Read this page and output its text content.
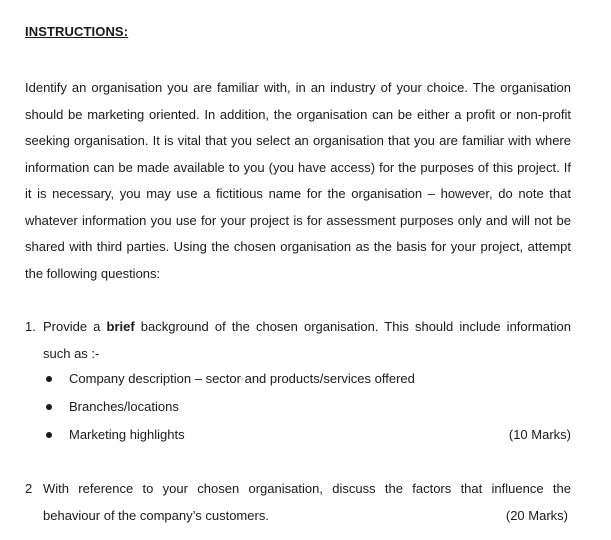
INSTRUCTIONS:

Identify an organisation you are familiar with, in an industry of your choice. The organisation should be marketing oriented. In addition, the organisation can be either a profit or non-profit seeking organisation. It is vital that you select an organisation that you are familiar with where information can be made available to you (you have access) for the purposes of this project. If it is necessary, you may use a fictitious name for the organisation – however, do note that whatever information you use for your project is for assessment purposes only and will not be shared with third parties. Using the chosen organisation as the basis for your project, attempt the following questions:

1. Provide a brief background of the chosen organisation. This should include information such as :-
Company description – sector and products/services offered
Branches/locations
Marketing highlights	(10 Marks)
2 With reference to your chosen organisation, discuss the factors that influence the
behaviour of the company’s customers.	(20 Marks)
